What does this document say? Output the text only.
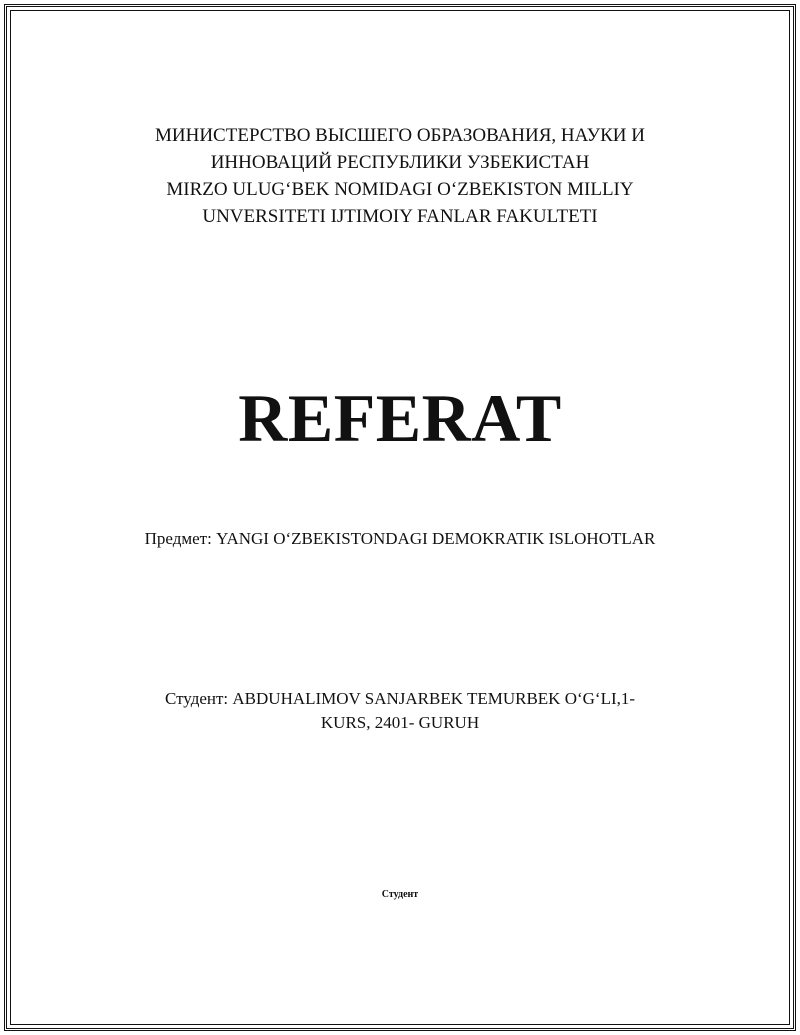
МИНИСТЕРСТВО ВЫСШЕГО ОБРАЗОВАНИЯ, НАУКИ И
ИННОВАЦИЙ РЕСПУБЛИКИ УЗБЕКИСТАН
MIRZO ULUG‘BEK NOMIDAGI O‘ZBEKISTON MILLIY
UNVERSITETI IJTIMOIY FANLAR FAKULTETI
REFERAT
Предмет: YANGI O‘ZBEKISTONDAGI DEMOKRATIK ISLOHOTLAR
Студент: ABDUHALIMOV SANJARBEK TEMURBEK O‘G‘LI,1-
KURS, 2401- GURUH
Студент
